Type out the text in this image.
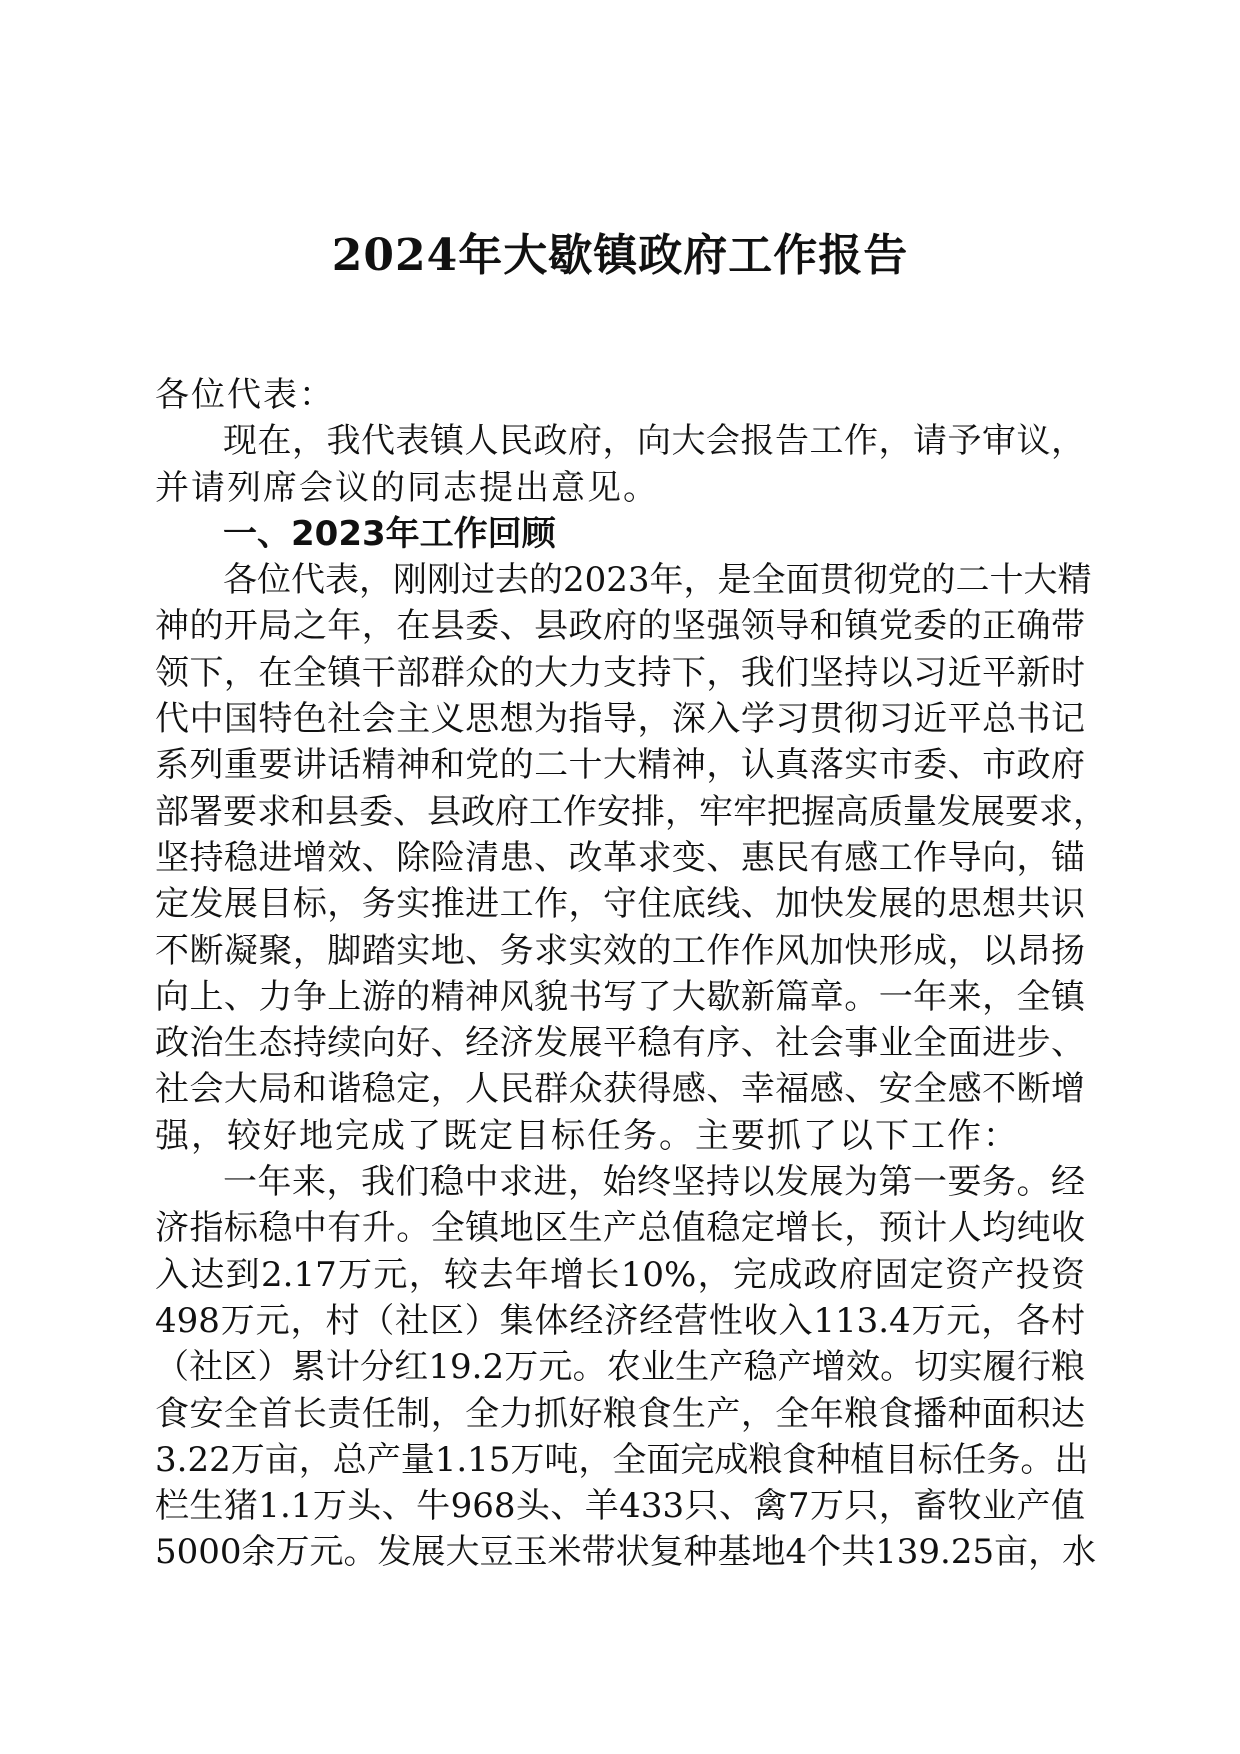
2024年大歇镇政府工作报告
各位代表：
现在，我代表镇人民政府，向大会报告工作，请予审议，
并请列席会议的同志提出意见。
一、2023年工作回顾
各位代表，刚刚过去的2023年，是全面贯彻党的二十大精
神的开局之年，在县委、县政府的坚强领导和镇党委的正确带
领下，在全镇干部群众的大力支持下，我们坚持以习近平新时
代中国特色社会主义思想为指导，深入学习贯彻习近平总书记
系列重要讲话精神和党的二十大精神，认真落实市委、市政府
部署要求和县委、县政府工作安排，牢牢把握高质量发展要求，
坚持稳进增效、除险清患、改革求变、惠民有感工作导向，锚
定发展目标，务实推进工作，守住底线、加快发展的思想共识
不断凝聚，脚踏实地、务求实效的工作作风加快形成，以昂扬
向上、力争上游的精神风貌书写了大歇新篇章。一年来，全镇
政治生态持续向好、经济发展平稳有序、社会事业全面进步、
社会大局和谐稳定，人民群众获得感、幸福感、安全感不断增
强，较好地完成了既定目标任务。主要抓了以下工作：
一年来，我们稳中求进，始终坚持以发展为第一要务。经
济指标稳中有升。全镇地区生产总值稳定增长，预计人均纯收
入达到2.17万元，较去年增长10%，完成政府固定资产投资
498万元，村（社区）集体经济经营性收入113.4万元，各村
（社区）累计分红19.2万元。农业生产稳产增效。切实履行粮
食安全首长责任制，全力抓好粮食生产，全年粮食播种面积达
3.22万亩，总产量1.15万吨，全面完成粮食种植目标任务。出
栏生猪1.1万头、牛968头、羊433只、禽7万只，畜牧业产值
5000余万元。发展大豆玉米带状复种基地4个共139.25亩，水
